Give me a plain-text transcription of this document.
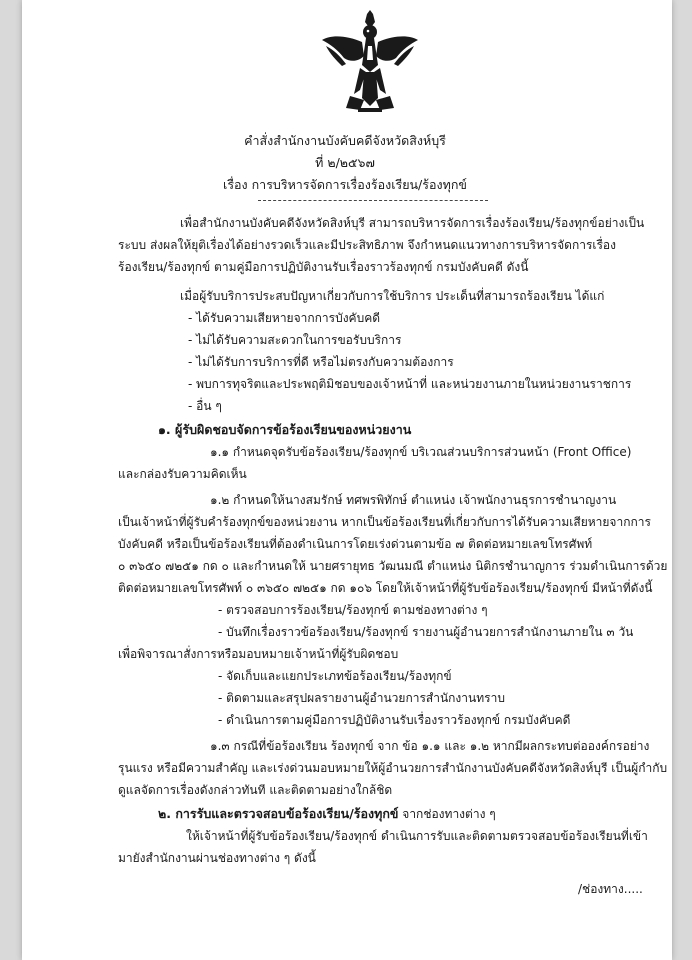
คำสั่งสำนักงานบังคับคดีจังหวัดสิงห์บุรี
ที่ ๒/๒๕๖๗
เรื่อง การบริหารจัดการเรื่องร้องเรียน/ร้องทุกข์
เพื่อสำนักงานบังคับคดีจังหวัดสิงห์บุรี สามารถบริหารจัดการเรื่องร้องเรียน/ร้องทุกข์อย่างเป็น
ระบบ ส่งผลให้ยุติเรื่องได้อย่างรวดเร็วและมีประสิทธิภาพ จึงกำหนดแนวทางการบริหารจัดการเรื่อง
ร้องเรียน/ร้องทุกข์ ตามคู่มือการปฏิบัติงานรับเรื่องราวร้องทุกข์ กรมบังคับคดี ดังนี้
เมื่อผู้รับบริการประสบปัญหาเกี่ยวกับการใช้บริการ ประเด็นที่สามารถร้องเรียน ได้แก่
- ได้รับความเสียหายจากการบังคับคดี
- ไม่ได้รับความสะดวกในการขอรับบริการ
- ไม่ได้รับการบริการที่ดี หรือไม่ตรงกับความต้องการ
- พบการทุจริตและประพฤติมิชอบของเจ้าหน้าที่ และหน่วยงานภายในหน่วยงานราชการ
- อื่น ๆ
๑. ผู้รับผิดชอบจัดการข้อร้องเรียนของหน่วยงาน
๑.๑ กำหนดจุดรับข้อร้องเรียน/ร้องทุกข์ บริเวณส่วนบริการส่วนหน้า (Front Office)
และกล่องรับความคิดเห็น
๑.๒ กำหนดให้นางสมรักษ์ ทศพรพิทักษ์ ตำแหน่ง เจ้าพนักงานธุรการชำนาญงาน
เป็นเจ้าหน้าที่ผู้รับคำร้องทุกข์ของหน่วยงาน หากเป็นข้อร้องเรียนที่เกี่ยวกับการได้รับความเสียหายจากการ
บังคับคดี หรือเป็นข้อร้องเรียนที่ต้องดำเนินการโดยเร่งด่วนตามข้อ ๗ ติดต่อหมายเลขโทรศัพท์
๐ ๓๖๕๐ ๗๒๕๑ กด ๐ และกำหนดให้ นายศรายุทธ วัฒนมณี ตำแหน่ง นิติกรชำนาญการ ร่วมดำเนินการด้วย
ติดต่อหมายเลขโทรศัพท์ ๐ ๓๖๕๐ ๗๒๕๑ กด ๑๐๖ โดยให้เจ้าหน้าที่ผู้รับข้อร้องเรียน/ร้องทุกข์ มีหน้าที่ดังนี้
- ตรวจสอบการร้องเรียน/ร้องทุกข์ ตามช่องทางต่าง ๆ
- บันทึกเรื่องราวข้อร้องเรียน/ร้องทุกข์ รายงานผู้อำนวยการสำนักงานภายใน ๓ วัน
เพื่อพิจารณาสั่งการหรือมอบหมายเจ้าหน้าที่ผู้รับผิดชอบ
- จัดเก็บและแยกประเภทข้อร้องเรียน/ร้องทุกข์
- ติดตามและสรุปผลรายงานผู้อำนวยการสำนักงานทราบ
- ดำเนินการตามคู่มือการปฏิบัติงานรับเรื่องราวร้องทุกข์ กรมบังคับคดี
๑.๓ กรณีที่ข้อร้องเรียน ร้องทุกข์ จาก ข้อ ๑.๑ และ ๑.๒ หากมีผลกระทบต่อองค์กรอย่าง
รุนแรง หรือมีความสำคัญ และเร่งด่วนมอบหมายให้ผู้อำนวยการสำนักงานบังคับคดีจังหวัดสิงห์บุรี เป็นผู้กำกับ
ดูแลจัดการเรื่องดังกล่าวทันที และติดตามอย่างใกล้ชิด
๒. การรับและตรวจสอบข้อร้องเรียน/ร้องทุกข์ จากช่องทางต่าง ๆ
ให้เจ้าหน้าที่ผู้รับข้อร้องเรียน/ร้องทุกข์ ดำเนินการรับและติดตามตรวจสอบข้อร้องเรียนที่เข้า
มายังสำนักงานผ่านช่องทางต่าง ๆ ดังนี้
/ช่องทาง.....
